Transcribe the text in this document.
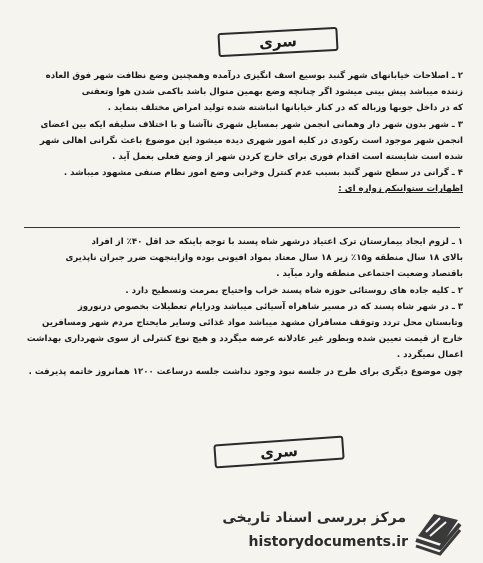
سری

۲ ـ اصلاحات خیابانهای شهر گنبد بوسیع اسف انگیزی درآمده وهمچنین وضع نظافت شهر فوق العاده

زننده میباشد پیش بینی میشود اگر چنانچه وضع بهمین منوال باشد باکمی شدن هوا وتعفنی

که در داخل جوبها وزباله که در کنار خیابانها انباشته شده تولید امراض مختلف بنماید .

۳ ـ شهر بدون شهر دار وهمانی انجمن شهر بمسایل شهری ناآشنا و با اختلاف سلیقه ایکه بین اعضای

انجمن شهر موجود است رکودی در کلیه امور شهری دیده میشود این موضوع باعث نگرانی اهالی شهر

شده است شایسته است اقدام فوری برای خارج کردن شهر از وضع فعلی بعمل آید .

۴ ـ گرانی در سطح شهر گنبد بسبب عدم کنترل وخرابی وضع امور نظام صنفی مشهود میباشد .

اظهارات ستوانیکم زواره ای :

۱ ـ لزوم ایجاد بیمارستان ترک اعتیاد درشهر شاه پسند با توجه باینکه حد اقل ۴۰٪ از افراد

بالای ۱۸ سال منطقه و۱۵٪ زیر ۱۸ سال معتاد بمواد افیونی بوده وازاینجهت ضرر جبران ناپذیری

باقتصاد وضعیت اجتماعی منطقه وارد میآید .

۲ ـ کلیه جاده های روستائی حوزه شاه پسند خراب واحتیاج بمرمت وتسطیح دارد .

۳ ـ در شهر شاه پسند که در مسیر شاهراه آسیائی میباشد ودرایام تعطیلات بخصوص درنوروز

وتابستان محل تردد وتوقف مسافران مشهد میباشد مواد غذائی وسایر مایحتاج مردم شهر ومسافرین

خارج از قیمت تعیین شده وبطور غیر عادلانه عرضه میگردد و هیچ نوع کنترلی از سوی شهرداری بهداشت

اعمال نمیگردد .

چون موضوع دیگری برای طرح در جلسه نبود وجود نداشت جلسه درساعت ۱۲۰۰ همانروز خاتمه پذیرفت .

سری
مرکز بررسی اسناد تاریخی
historydocuments.ir
